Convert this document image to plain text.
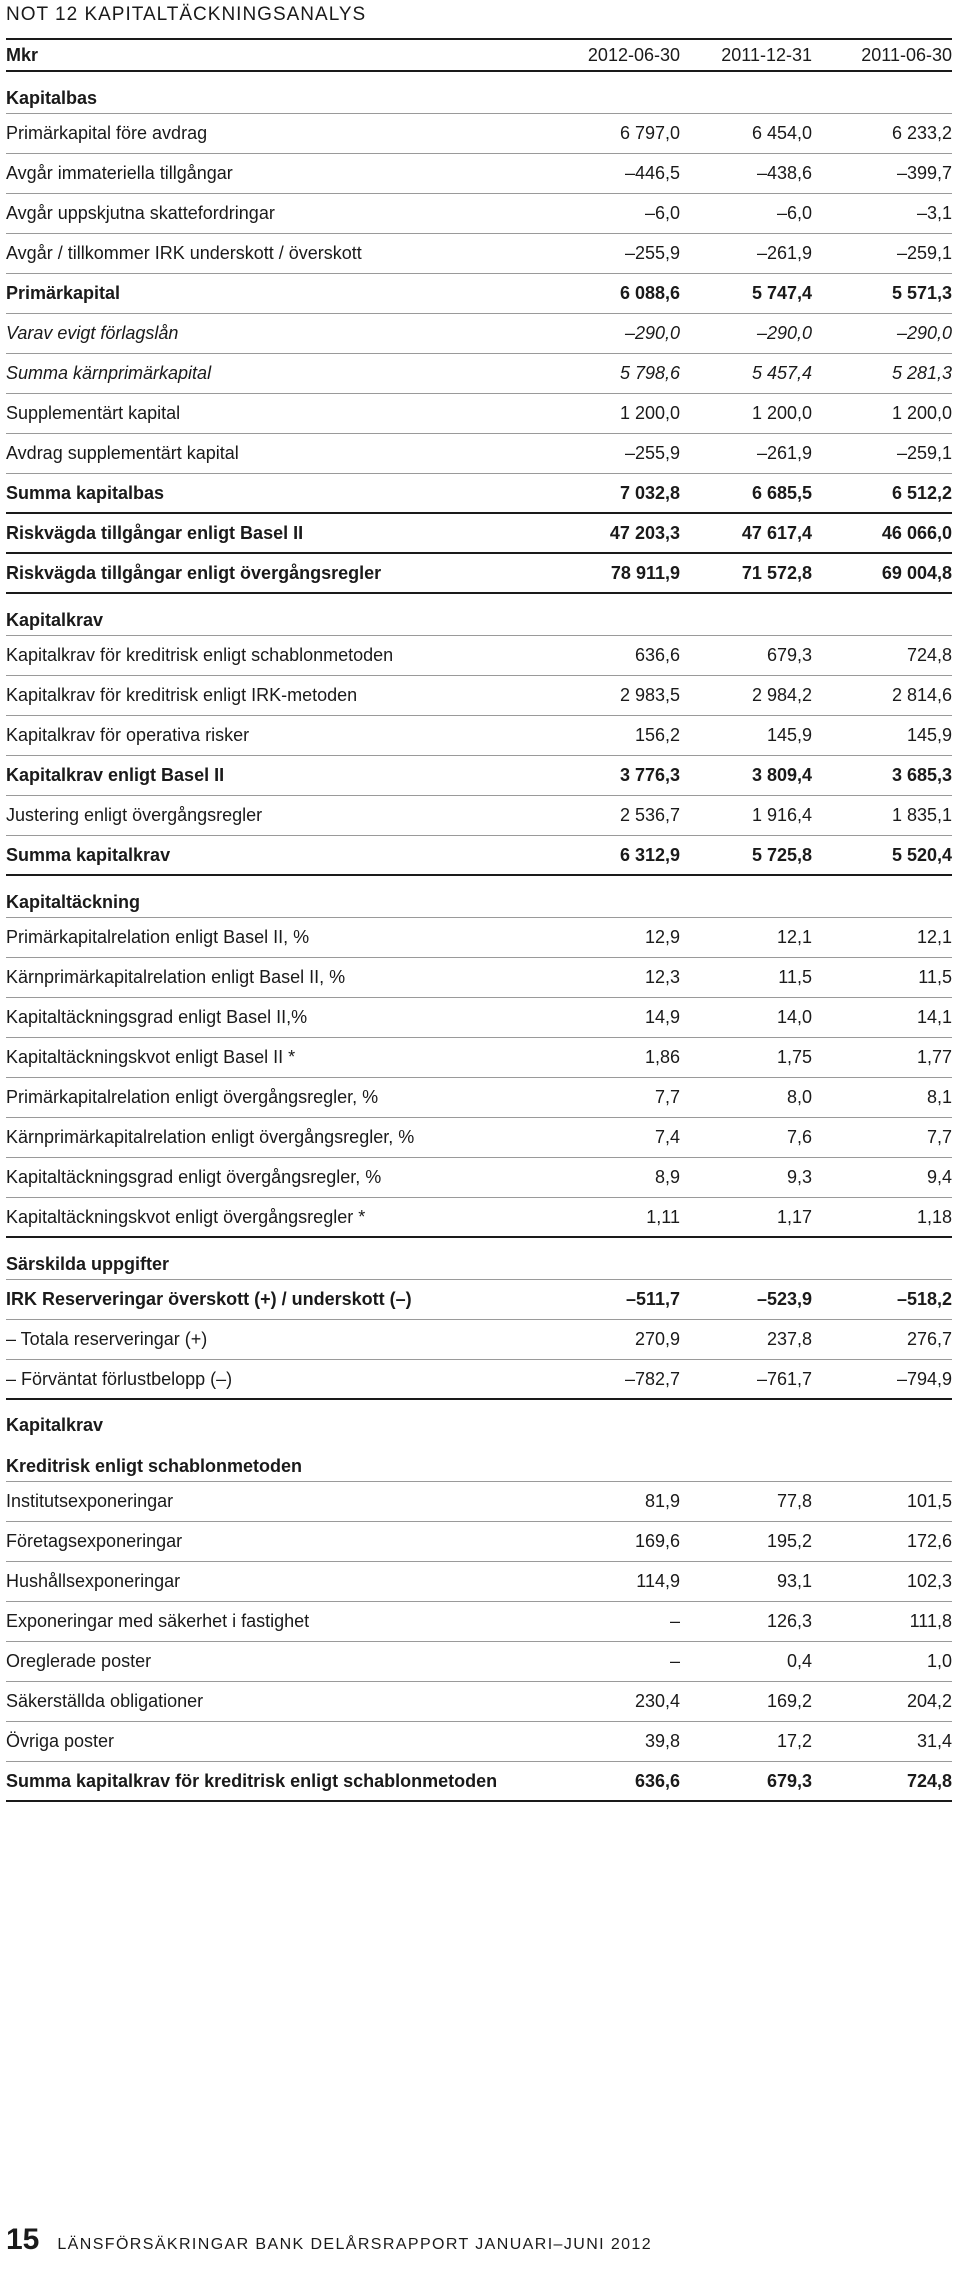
NOT 12 KAPITALTÄCKNINGSANALYS
Mkr	2012-06-30	2011-12-31	2011-06-30
Kapitalbas
Primärkapital före avdrag	6 797,0	6 454,0	6 233,2
Avgår immateriella tillgångar	–446,5	–438,6	–399,7
Avgår uppskjutna skattefordringar	–6,0	–6,0	–3,1
Avgår / tillkommer IRK underskott / överskott	–255,9	–261,9	–259,1
Primärkapital	6 088,6	5 747,4	5 571,3
Varav evigt förlagslån	–290,0	–290,0	–290,0
Summa kärnprimärkapital	5 798,6	5 457,4	5 281,3
Supplementärt kapital	1 200,0	1 200,0	1 200,0
Avdrag supplementärt kapital	–255,9	–261,9	–259,1
Summa kapitalbas	7 032,8	6 685,5	6 512,2
Riskvägda tillgångar enligt Basel II	47 203,3	47 617,4	46 066,0
Riskvägda tillgångar enligt övergångsregler	78 911,9	71 572,8	69 004,8
Kapitalkrav
Kapitalkrav för kreditrisk enligt schablonmetoden	636,6	679,3	724,8
Kapitalkrav för kreditrisk enligt IRK-metoden	2 983,5	2 984,2	2 814,6
Kapitalkrav för operativa risker	156,2	145,9	145,9
Kapitalkrav enligt Basel II	3 776,3	3 809,4	3 685,3
Justering enligt övergångsregler	2 536,7	1 916,4	1 835,1
Summa kapitalkrav	6 312,9	5 725,8	5 520,4
Kapitaltäckning
Primärkapitalrelation enligt Basel II, %	12,9	12,1	12,1
Kärnprimärkapitalrelation enligt Basel II, %	12,3	11,5	11,5
Kapitaltäckningsgrad enligt Basel II,%	14,9	14,0	14,1
Kapitaltäckningskvot enligt Basel II *	1,86	1,75	1,77
Primärkapitalrelation enligt övergångsregler, %	7,7	8,0	8,1
Kärnprimärkapitalrelation enligt övergångsregler, %	7,4	7,6	7,7
Kapitaltäckningsgrad enligt övergångsregler, %	8,9	9,3	9,4
Kapitaltäckningskvot enligt övergångsregler *	1,11	1,17	1,18
Särskilda uppgifter
IRK Reserveringar överskott (+) / underskott (–)	–511,7	–523,9	–518,2
– Totala reserveringar (+)	270,9	237,8	276,7
– Förväntat förlustbelopp (–)	–782,7	–761,7	–794,9
Kapitalkrav
Kreditrisk enligt schablonmetoden
Institutsexponeringar	81,9	77,8	101,5
Företagsexponeringar	169,6	195,2	172,6
Hushållsexponeringar	114,9	93,1	102,3
Exponeringar med säkerhet i fastighet	–	126,3	111,8
Oreglerade poster	–	0,4	1,0
Säkerställda obligationer	230,4	169,2	204,2
Övriga poster	39,8	17,2	31,4
Summa kapitalkrav för kreditrisk enligt schablonmetoden	636,6	679,3	724,8
15 LÄNSFÖRSÄKRINGAR BANK DELÅRSRAPPORT JANUARI–JUNI 2012
